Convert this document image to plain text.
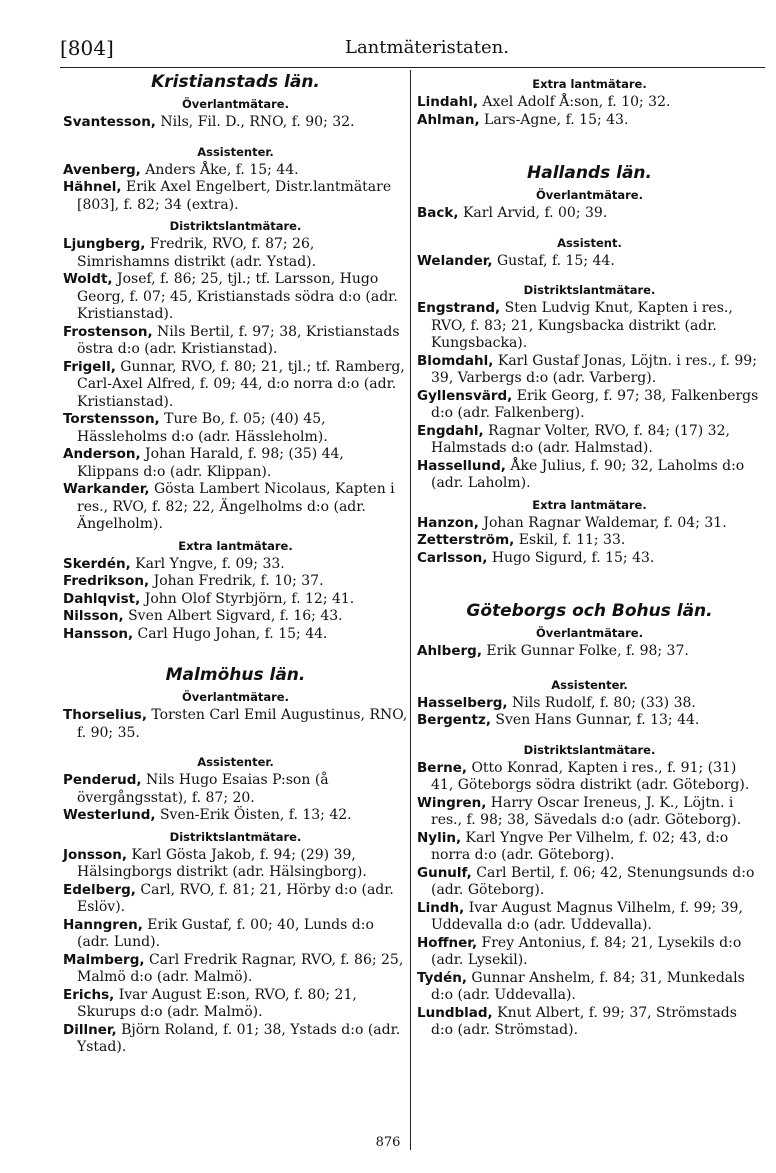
[804]	Lantmäteristaten.
Kristianstads län.
Överlantmätare.

Svantesson, Nils, Fil. D., RNO, f. 90; 32.

Assistenter.

Avenberg, Anders Åke, f. 15; 44.

Hähnel, Erik Axel Engelbert, Distr.lantmätare [803], f. 82; 34 (extra).

Distriktslantmätare.

Ljungberg, Fredrik, RVO, f. 87; 26, Simrishamns distrikt (adr. Ystad).

Woldt, Josef, f. 86; 25, tjl.; tf. Larsson, Hugo Georg, f. 07; 45, Kristianstads södra d:o (adr. Kristianstad).

Frostenson, Nils Bertil, f. 97; 38, Kristianstads östra d:o (adr. Kristianstad).

Frigell, Gunnar, RVO, f. 80; 21, tjl.; tf. Ramberg, Carl-Axel Alfred, f. 09; 44, d:o norra d:o (adr. Kristianstad).

Torstensson, Ture Bo, f. 05; (40) 45, Hässleholms d:o (adr. Hässleholm).

Anderson, Johan Harald, f. 98; (35) 44, Klippans d:o (adr. Klippan).

Warkander, Gösta Lambert Nicolaus, Kapten i res., RVO, f. 82; 22, Ängelholms d:o (adr. Ängelholm).

Extra lantmätare.

Skerdén, Karl Yngve, f. 09; 33.

Fredrikson, Johan Fredrik, f. 10; 37.

Dahlqvist, John Olof Styrbjörn, f. 12; 41.

Nilsson, Sven Albert Sigvard, f. 16; 43.

Hansson, Carl Hugo Johan, f. 15; 44.

Malmöhus län.
Överlantmätare.

Thorselius, Torsten Carl Emil Augustinus, RNO, f. 90; 35.

Assistenter.

Penderud, Nils Hugo Esaias P:son (å övergångsstat), f. 87; 20.

Westerlund, Sven-Erik Öisten, f. 13; 42.

Distriktslantmätare.

Jonsson, Karl Gösta Jakob, f. 94; (29) 39, Hälsingborgs distrikt (adr. Hälsingborg).

Edelberg, Carl, RVO, f. 81; 21, Hörby d:o (adr. Eslöv).

Hanngren, Erik Gustaf, f. 00; 40, Lunds d:o (adr. Lund).

Malmberg, Carl Fredrik Ragnar, RVO, f. 86; 25, Malmö d:o (adr. Malmö).

Erichs, Ivar August E:son, RVO, f. 80; 21, Skurups d:o (adr. Malmö).

Dillner, Björn Roland, f. 01; 38, Ystads d:o (adr. Ystad).

Extra lantmätare.

Lindahl, Axel Adolf Å:son, f. 10; 32.

Ahlman, Lars-Agne, f. 15; 43.

Hallands län.
Överlantmätare.

Back, Karl Arvid, f. 00; 39.

Assistent.

Welander, Gustaf, f. 15; 44.

Distriktslantmätare.

Engstrand, Sten Ludvig Knut, Kapten i res., RVO, f. 83; 21, Kungsbacka distrikt (adr. Kungsbacka).

Blomdahl, Karl Gustaf Jonas, Löjtn. i res., f. 99; 39, Varbergs d:o (adr. Varberg).

Gyllensvärd, Erik Georg, f. 97; 38, Falkenbergs d:o (adr. Falkenberg).

Engdahl, Ragnar Volter, RVO, f. 84; (17) 32, Halmstads d:o (adr. Halmstad).

Hassellund, Åke Julius, f. 90; 32, Laholms d:o (adr. Laholm).

Extra lantmätare.

Hanzon, Johan Ragnar Waldemar, f. 04; 31.

Zetterström, Eskil, f. 11; 33.

Carlsson, Hugo Sigurd, f. 15; 43.

Göteborgs och Bohus län.
Överlantmätare.

Ahlberg, Erik Gunnar Folke, f. 98; 37.

Assistenter.

Hasselberg, Nils Rudolf, f. 80; (33) 38.

Bergentz, Sven Hans Gunnar, f. 13; 44.

Distriktslantmätare.

Berne, Otto Konrad, Kapten i res., f. 91; (31) 41, Göteborgs södra distrikt (adr. Göteborg).

Wingren, Harry Oscar Ireneus, J. K., Löjtn. i res., f. 98; 38, Sävedals d:o (adr. Göteborg).

Nylin, Karl Yngve Per Vilhelm, f. 02; 43, d:o norra d:o (adr. Göteborg).

Gunulf, Carl Bertil, f. 06; 42, Stenungsunds d:o (adr. Göteborg).

Lindh, Ivar August Magnus Vilhelm, f. 99; 39, Uddevalla d:o (adr. Uddevalla).

Hoffner, Frey Antonius, f. 84; 21, Lysekils d:o (adr. Lysekil).

Tydén, Gunnar Anshelm, f. 84; 31, Munkedals d:o (adr. Uddevalla).

Lundblad, Knut Albert, f. 99; 37, Strömstads d:o (adr. Strömstad).

876
